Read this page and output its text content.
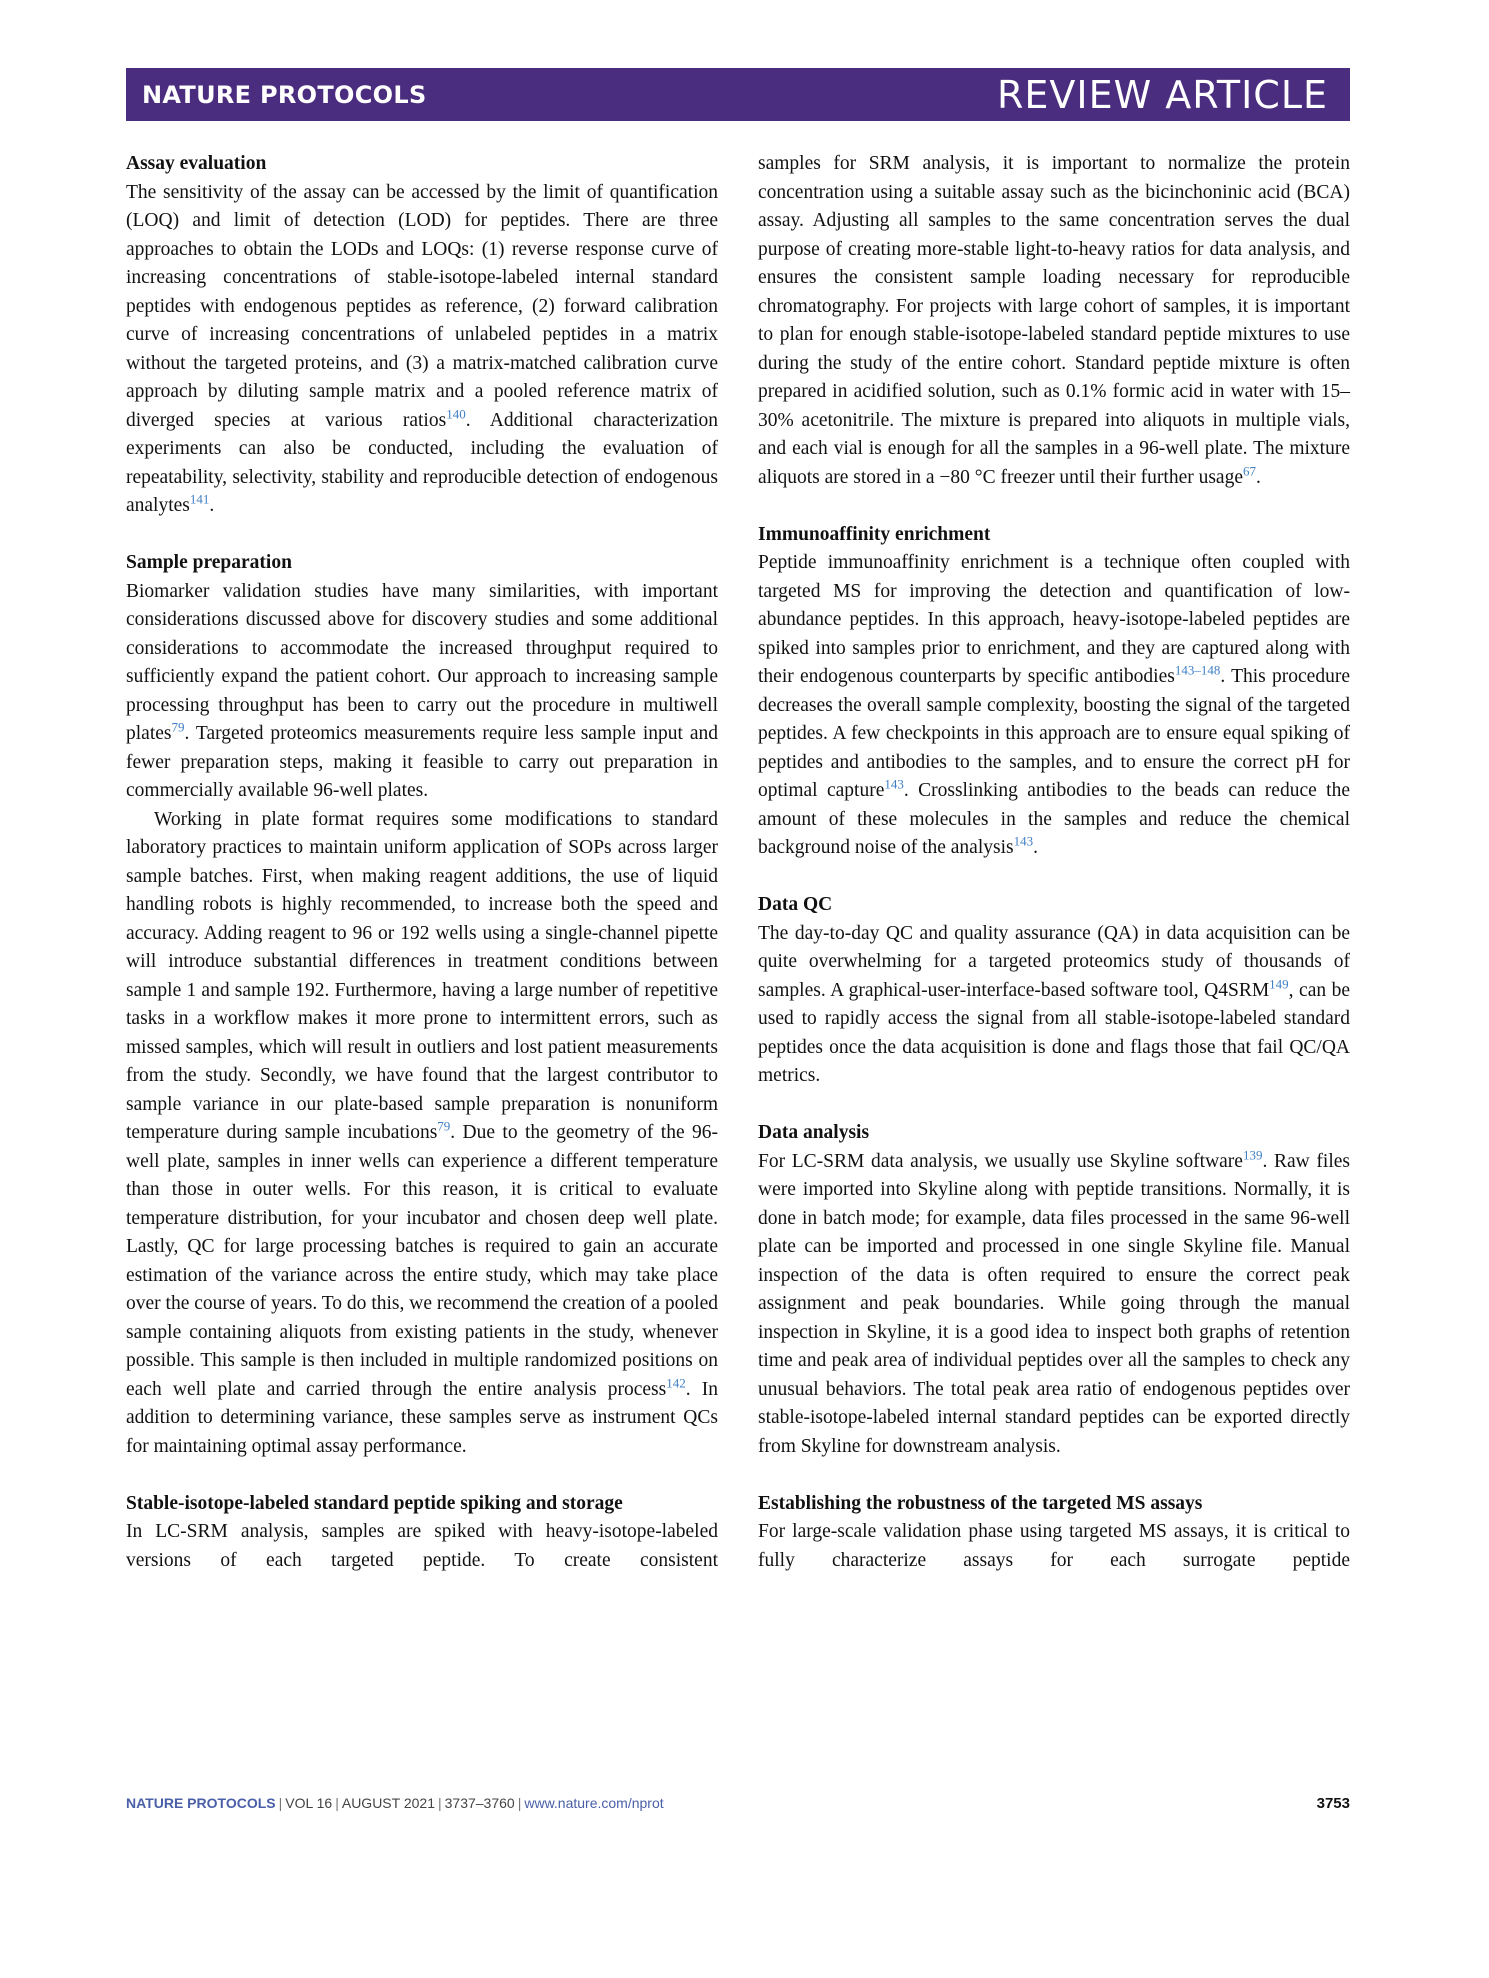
NATURE PROTOCOLS	REVIEW ARTICLE
Assay evaluation

The sensitivity of the assay can be accessed by the limit of quantification (LOQ) and limit of detection (LOD) for peptides. There are three approaches to obtain the LODs and LOQs: (1) reverse response curve of increasing concentrations of stable-isotope-labeled internal standard peptides with endogenous peptides as reference, (2) forward calibration curve of increasing concentrations of unlabeled peptides in a matrix without the targeted proteins, and (3) a matrix-matched calibration curve approach by diluting sample matrix and a pooled reference matrix of diverged species at various ratios$^{140}$. Additional characterization experiments can also be conducted, including the evaluation of repeatability, selectivity, stability and reproducible detection of endogenous analytes$^{141}$.

Sample preparation

Biomarker validation studies have many similarities, with important considerations discussed above for discovery studies and some additional considerations to accommodate the increased throughput required to sufficiently expand the patient cohort. Our approach to increasing sample processing throughput has been to carry out the procedure in multiwell plates$^{79}$. Targeted proteomics measurements require less sample input and fewer preparation steps, making it feasible to carry out preparation in commercially available 96-well plates.

Working in plate format requires some modifications to standard laboratory practices to maintain uniform application of SOPs across larger sample batches. First, when making reagent additions, the use of liquid handling robots is highly recommended, to increase both the speed and accuracy. Adding reagent to 96 or 192 wells using a single-channel pipette will introduce substantial differences in treatment conditions between sample 1 and sample 192. Furthermore, having a large number of repetitive tasks in a workflow makes it more prone to intermittent errors, such as missed samples, which will result in outliers and lost patient measurements from the study. Secondly, we have found that the largest contributor to sample variance in our plate-based sample preparation is nonuniform temperature during sample incubations$^{79}$. Due to the geometry of the 96-well plate, samples in inner wells can experience a different temperature than those in outer wells. For this reason, it is critical to evaluate temperature distribution, for your incubator and chosen deep well plate. Lastly, QC for large processing batches is required to gain an accurate estimation of the variance across the entire study, which may take place over the course of years. To do this, we recommend the creation of a pooled sample containing aliquots from existing patients in the study, whenever possible. This sample is then included in multiple randomized positions on each well plate and carried through the entire analysis process$^{142}$. In addition to determining variance, these samples serve as instrument QCs for maintaining optimal assay performance.

Stable-isotope-labeled standard peptide spiking and storage

In LC-SRM analysis, samples are spiked with heavy-isotope-labeled versions of each targeted peptide. To create consistent

samples for SRM analysis, it is important to normalize the protein concentration using a suitable assay such as the bicinchoninic acid (BCA) assay. Adjusting all samples to the same concentration serves the dual purpose of creating more-stable light-to-heavy ratios for data analysis, and ensures the consistent sample loading necessary for reproducible chromatography. For projects with large cohort of samples, it is important to plan for enough stable-isotope-labeled standard peptide mixtures to use during the study of the entire cohort. Standard peptide mixture is often prepared in acidified solution, such as 0.1% formic acid in water with 15–30% acetonitrile. The mixture is prepared into aliquots in multiple vials, and each vial is enough for all the samples in a 96-well plate. The mixture aliquots are stored in a −80 °C freezer until their further usage$^{67}$.

Immunoaffinity enrichment

Peptide immunoaffinity enrichment is a technique often coupled with targeted MS for improving the detection and quantification of low-abundance peptides. In this approach, heavy-isotope-labeled peptides are spiked into samples prior to enrichment, and they are captured along with their endogenous counterparts by specific antibodies$^{143-148}$. This procedure decreases the overall sample complexity, boosting the signal of the targeted peptides. A few checkpoints in this approach are to ensure equal spiking of peptides and antibodies to the samples, and to ensure the correct pH for optimal capture$^{143}$. Crosslinking antibodies to the beads can reduce the amount of these molecules in the samples and reduce the chemical background noise of the analysis$^{143}$.

Data QC

The day-to-day QC and quality assurance (QA) in data acquisition can be quite overwhelming for a targeted proteomics study of thousands of samples. A graphical-user-interface-based software tool, Q4SRM$^{149}$, can be used to rapidly access the signal from all stable-isotope-labeled standard peptides once the data acquisition is done and flags those that fail QC/QA metrics.

Data analysis

For LC-SRM data analysis, we usually use Skyline software$^{139}$. Raw files were imported into Skyline along with peptide transitions. Normally, it is done in batch mode; for example, data files processed in the same 96-well plate can be imported and processed in one single Skyline file. Manual inspection of the data is often required to ensure the correct peak assignment and peak boundaries. While going through the manual inspection in Skyline, it is a good idea to inspect both graphs of retention time and peak area of individual peptides over all the samples to check any unusual behaviors. The total peak area ratio of endogenous peptides over stable-isotope-labeled internal standard peptides can be exported directly from Skyline for downstream analysis.

Establishing the robustness of the targeted MS assays

For large-scale validation phase using targeted MS assays, it is critical to fully characterize assays for each surrogate peptide

NATURE PROTOCOLS | VOL 16 | AUGUST 2021 | 3737–3760 | www.nature.com/nprot	3753
